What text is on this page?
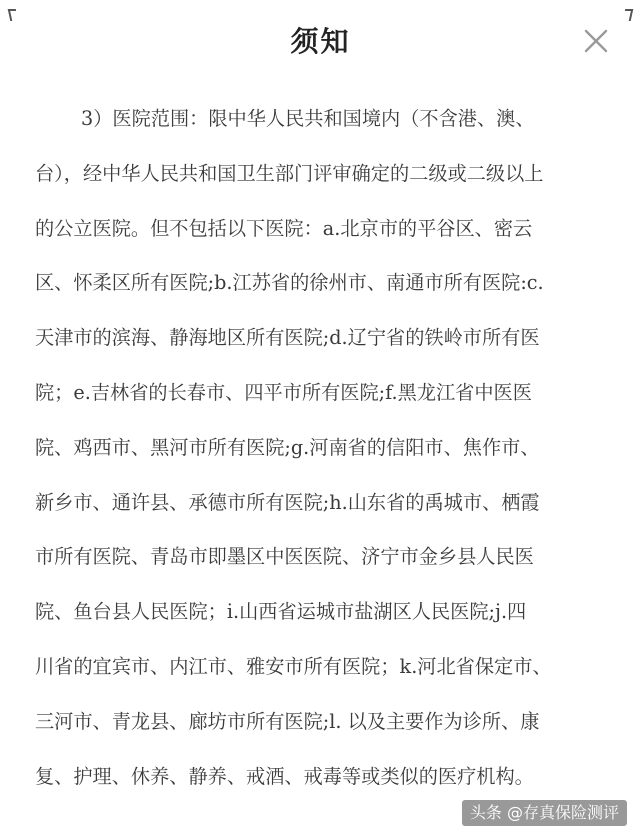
须知
3）医院范围：限中华人民共和国境内（不含港、澳、
台），经中华人民共和国卫生部门评审确定的二级或二级以上
的公立医院。但不包括以下医院：a.北京市的平谷区、密云
区、怀柔区所有医院;b.江苏省的徐州市、南通市所有医院:c.
天津市的滨海、静海地区所有医院;d.辽宁省的铁岭市所有医
院；e.吉林省的长春市、四平市所有医院;f.黑龙江省中医医
院、鸡西市、黑河市所有医院;g.河南省的信阳市、焦作市、
新乡市、通许县、承德市所有医院;h.山东省的禹城市、栖霞
市所有医院、青岛市即墨区中医医院、济宁市金乡县人民医
院、鱼台县人民医院；i.山西省运城市盐湖区人民医院;j.四
川省的宜宾市、内江市、雅安市所有医院；k.河北省保定市、
三河市、青龙县、廊坊市所有医院;l. 以及主要作为诊所、康
复、护理、休养、静养、戒酒、戒毒等或类似的医疗机构。
头条 @存真保险测评
